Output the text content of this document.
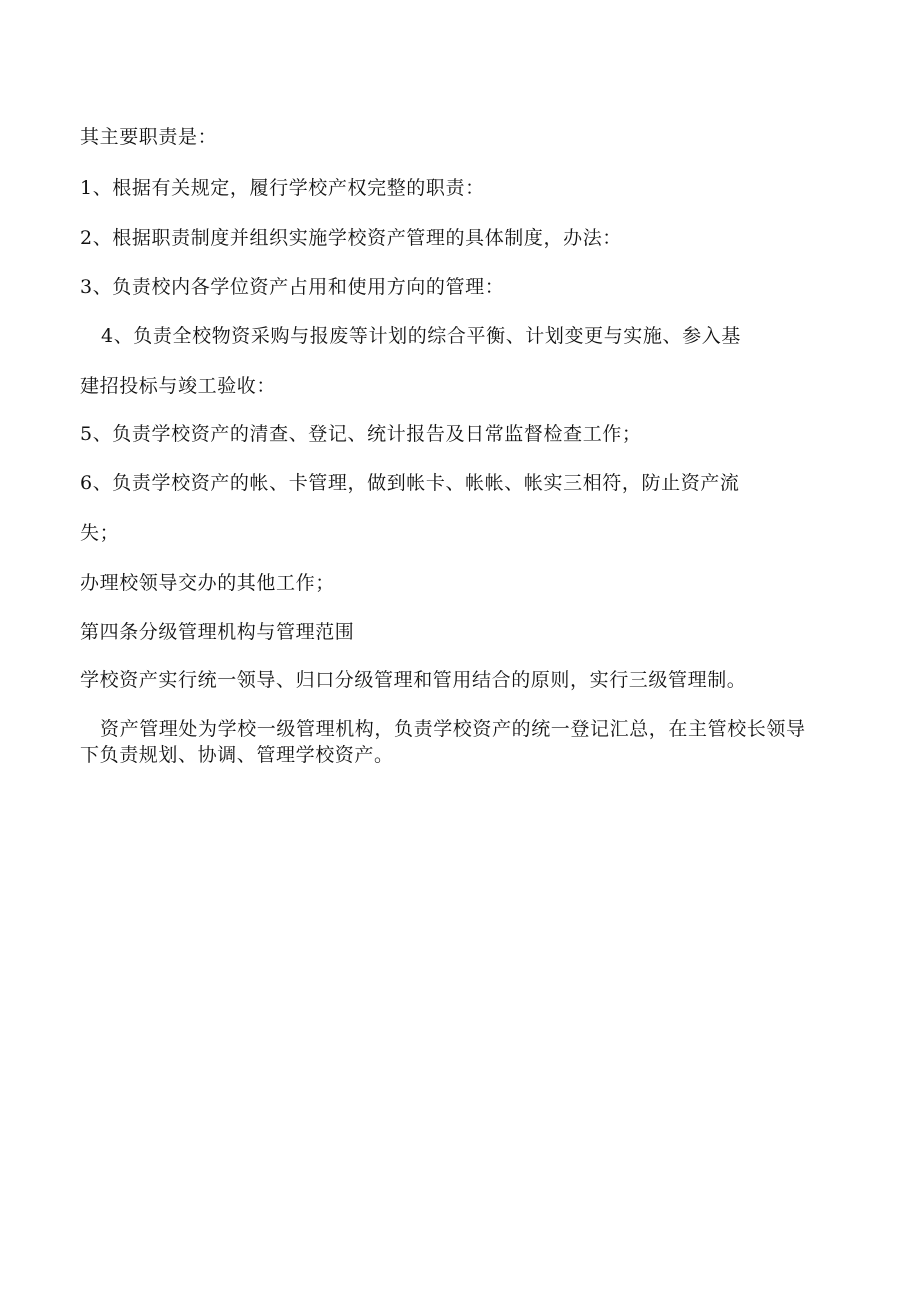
其主要职责是：
1、根据有关规定，履行学校产权完整的职责：
2、根据职责制度并组织实施学校资产管理的具体制度，办法：
3、负责校内各学位资产占用和使用方向的管理：
4、负责全校物资采购与报废等计划的综合平衡、计划变更与实施、参入基
建招投标与竣工验收：
5、负责学校资产的清查、登记、统计报告及日常监督检查工作；
6、负责学校资产的帐、卡管理，做到帐卡、帐帐、帐实三相符，防止资产流
失；
办理校领导交办的其他工作；
第四条分级管理机构与管理范围
学校资产实行统一领导、归口分级管理和管用结合的原则，实行三级管理制。
资产管理处为学校一级管理机构，负责学校资产的统一登记汇总，在主管校长领导下负责规划、协调、管理学校资产。
